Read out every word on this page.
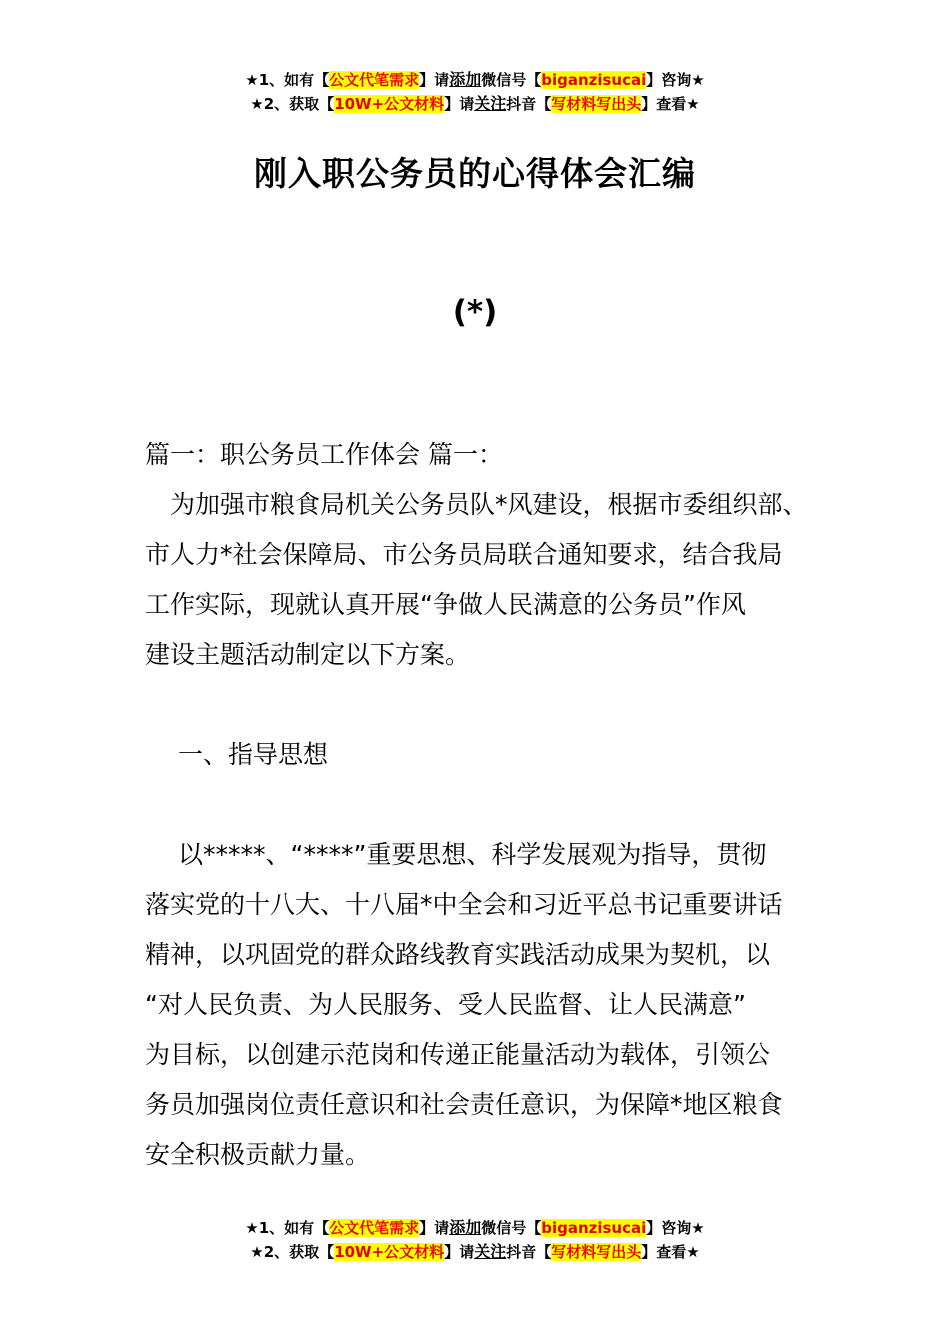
★1、如有【公文代笔需求】请添加微信号【biganzisucai】咨询★
★2、获取【10W+公文材料】请关注抖音【写材料写出头】查看★
刚入职公务员的心得体会汇编
(*)

篇一：职公务员工作体会 篇一：

为加强市粮食局机关公务员队*风建设，根据市委组织部、

市人力*社会保障局、市公务员局联合通知要求，结合我局

工作实际，现就认真开展“争做人民满意的公务员”作风

建设主题活动制定以下方案。

一、指导思想

以*****、“****”重要思想、科学发展观为指导，贯彻

落实党的十八大、十八届*中全会和习近平总书记重要讲话

精神，以巩固党的群众路线教育实践活动成果为契机，以

“对人民负责、为人民服务、受人民监督、让人民满意”

为目标，以创建示范岗和传递正能量活动为载体，引领公

务员加强岗位责任意识和社会责任意识，为保障*地区粮食

安全积极贡献力量。

★1、如有【公文代笔需求】请添加微信号【biganzisucai】咨询★
★2、获取【10W+公文材料】请关注抖音【写材料写出头】查看★
